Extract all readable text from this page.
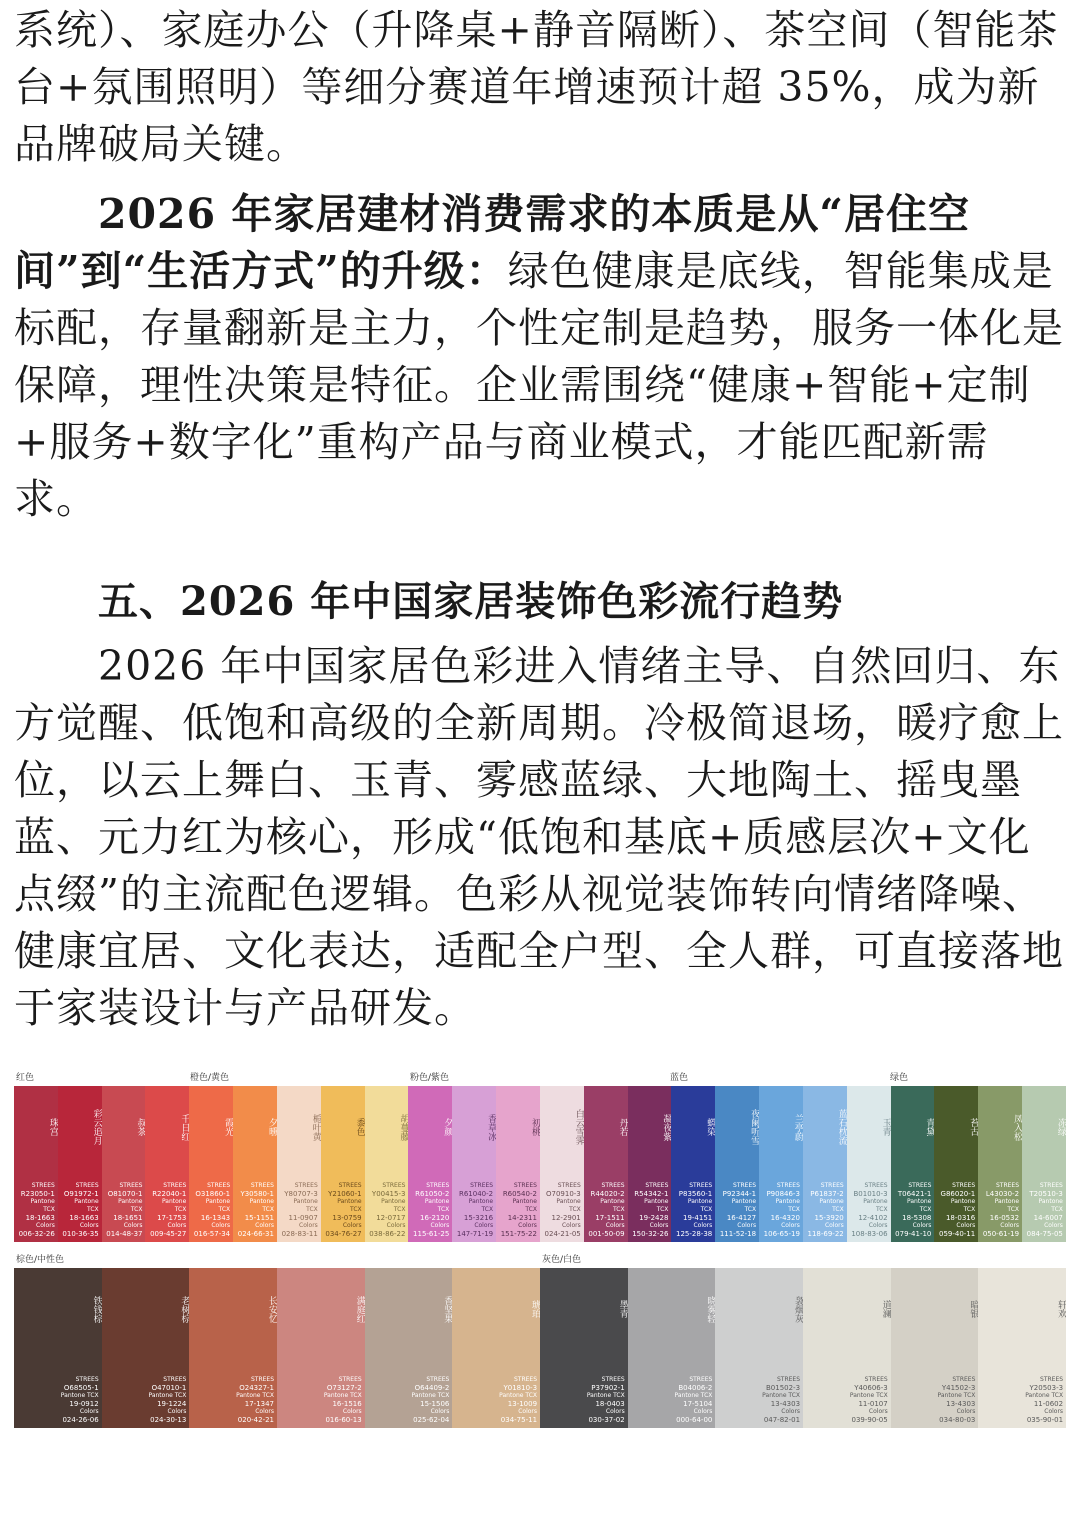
系统）、家庭办公（升降桌+静音隔断）、茶空间（智能茶台+氛围照明）等细分赛道年增速预计超 35%，成为新品牌破局关键。

2026 年家居建材消费需求的本质是从“居住空间”到“生活方式”的升级：绿色健康是底线，智能集成是标配，存量翻新是主力，个性定制是趋势，服务一体化是保障，理性决策是特征。企业需围绕“健康+智能+定制+服务+数字化”重构产品与商业模式，才能匹配新需求。

五、2026 年中国家居装饰色彩流行趋势

2026 年中国家居色彩进入情绪主导、自然回归、东方觉醒、低饱和高级的全新周期。冷极简退场，暖疗愈上位，以云上舞白、玉青、雾感蓝绿、大地陶土、摇曳墨蓝、元力红为核心，形成“低饱和基底+质感层次+文化点缀”的主流配色逻辑。色彩从视觉装饰转向情绪降噪、健康宜居、文化表达，适配全户型、全人群，可直接落地于家装设计与产品研发。

红色	橙色/黄色	粉色/紫色	蓝色	绿色
珠宫
STREES
R23050-1
Pantone TCX
18-1663
Colors
006-32-26
彩云追月
STREES
O91972-1
Pantone TCX
18-1663
Colors
010-36-35
叔茶
STREES
O81070-1
Pantone TCX
18-1651
Colors
014-48-37
千日红
STREES
R22040-1
Pantone TCX
17-1753
Colors
009-45-27
霞光
STREES
O31860-1
Pantone TCX
16-1343
Colors
016-57-34
夕曛
STREES
Y30580-1
Pantone TCX
15-1151
Colors
024-66-31
栀叶黄
STREES
Y80707-3
Pantone TCX
11-0907
Colors
028-83-11
黍色
STREES
Y21060-1
Pantone TCX
13-0759
Colors
034-76-27
胡蔓藤
STREES
Y00415-3
Pantone TCX
12-0717
Colors
038-86-22
夕颜
STREES
R61050-2
Pantone TCX
16-2120
Colors
115-61-25
香草冰
STREES
R61040-2
Pantone TCX
15-3216
Colors
147-71-19
初桃
STREES
R60540-2
Pantone TCX
14-2311
Colors
151-75-22
白云雪霁
STREES
O70910-3
Pantone TCX
12-2901
Colors
024-21-05
丹若
STREES
R44020-2
Pantone TCX
17-1511
Colors
001-50-09
凝夜紫
STREES
R54342-1
Pantone TCX
19-2428
Colors
150-32-26
蟒染
STREES
P83560-1
Pantone TCX
19-4151
Colors
125-28-38
夜阑听雪
STREES
P92344-1
Pantone TCX
16-4127
Colors
111-52-18
兰亭蔚
STREES
P90846-3
Pantone TCX
16-4320
Colors
106-65-19
蓝石枕流
STREES
P61837-2
Pantone TCX
15-3920
Colors
118-69-22
玉青
STREES
B01010-3
Pantone TCX
12-4102
Colors
108-83-06
青黛
STREES
T06421-1
Pantone TCX
18-5308
Colors
079-41-10
苔古
STREES
G86020-1
Pantone TCX
18-0316
Colors
059-40-11
凤入松
STREES
L43030-2
Pantone TCX
16-0532
Colors
050-61-19
冻绿
STREES
T20510-3
Pantone TCX
14-6007
Colors
084-75-05
棕色/中性色	灰色/白色
铁钱棕
STREES
O68505-1
Pantone TCX
19-0912
Colors
024-26-06
老树棕
STREES
O47010-1
Pantone TCX
19-1224
Colors
024-30-13
长安忆
STREES
O24327-1
Pantone TCX
17-1347
Colors
020-42-21
满庭红
STREES
O73127-2
Pantone TCX
16-1516
Colors
016-60-13
香坚果
STREES
O64409-2
Pantone TCX
15-1506
Colors
025-62-04
琥珀
STREES
Y01810-3
Pantone TCX
13-1009
Colors
034-75-11
墨青
STREES
P37902-1
Pantone TCX
18-0403
Colors
030-37-02
晓雾轻
STREES
B04006-2
Pantone TCX
17-5104
Colors
000-64-00
袅烟灰
STREES
B01502-3
Pantone TCX
13-4303
Colors
047-82-01
道澜
STREES
Y40606-3
Pantone TCX
11-0107
Colors
039-90-05
暗银
STREES
Y41502-3
Pantone TCX
13-4303
Colors
034-80-03
轩欢
STREES
Y20503-3
Pantone TCX
11-0602
Colors
035-90-01
